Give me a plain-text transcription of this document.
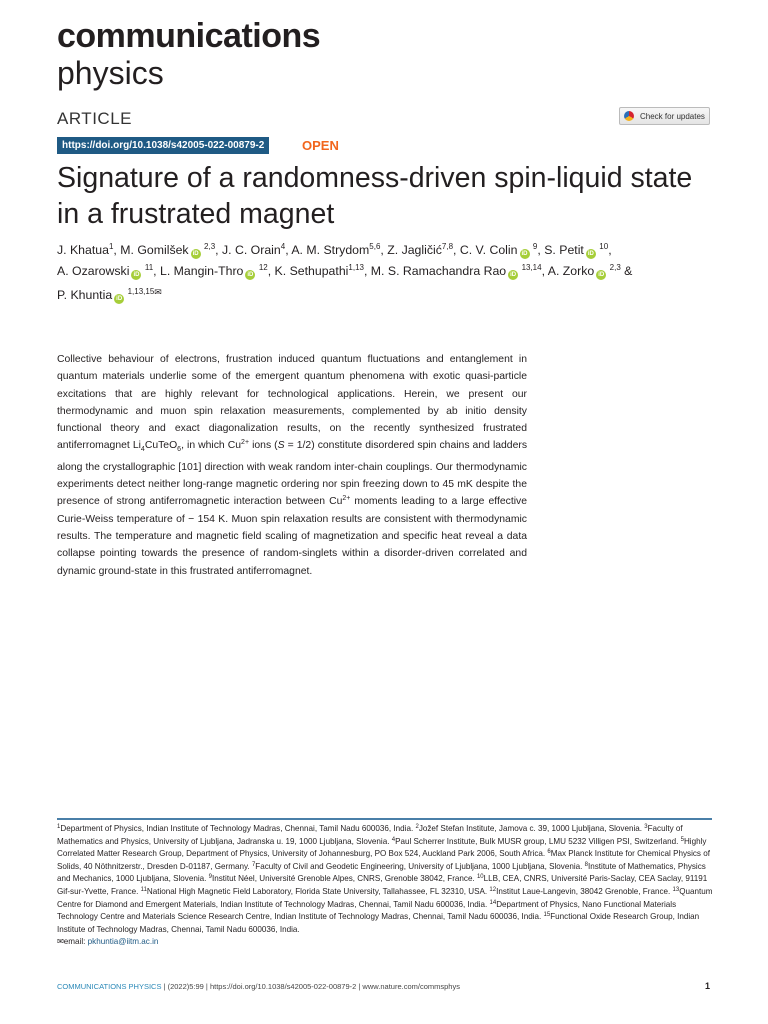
communications
physics
ARTICLE	Check for updates
https://doi.org/10.1038/s42005-022-00879-2	OPEN
Signature of a randomness-driven spin-liquid state
in a frustrated magnet
J. Khatua$^1$, M. Gomilšek iD $^{2,3}$, J. C. Orain$^4$, A. M. Strydom$^{5,6}$, Z. Jagličić$^{7,8}$, C. V. Colin iD $^9$, S. Petit iD $^{10}$,
A. Ozarowski iD $^{11}$, L. Mangin-Thro iD $^{12}$, K. Sethupathi$^{1,13}$, M. S. Ramachandra Rao iD $^{13,14}$, A. Zorko iD $^{2,3}$ &
P. Khuntia iD $^{1,13,15}$✉

Collective behaviour of electrons, frustration induced quantum fluctuations and entanglement in quantum materials underlie some of the emergent quantum phenomena with exotic quasi-particle excitations that are highly relevant for technological applications. Herein, we present our thermodynamic and muon spin relaxation measurements, complemented by ab initio density functional theory and exact diagonalization results, on the recently synthesized frustrated antiferromagnet $Li_4CuTeO_6$, in which $Cu^{2+}$ ions (S = 1/2) constitute disordered spin chains and ladders along the crystallographic [101] direction with weak random inter-chain couplings. Our thermodynamic experiments detect neither long-range magnetic ordering nor spin freezing down to 45 mK despite the presence of strong antiferromagnetic interaction between $Cu^{2+}$ moments leading to a large effective Curie-Weiss temperature of − 154 K. Muon spin relaxation results are consistent with thermodynamic results. The temperature and magnetic field scaling of magnetization and specific heat reveal a data collapse pointing towards the presence of random-singlets within a disorder-driven correlated and dynamic ground-state in this frustrated antiferromagnet.

$^1$Department of Physics, Indian Institute of Technology Madras, Chennai, Tamil Nadu 600036, India. $^2$Jožef Stefan Institute, Jamova c. 39, 1000 Ljubljana, Slovenia. $^3$Faculty of Mathematics and Physics, University of Ljubljana, Jadranska u. 19, 1000 Ljubljana, Slovenia. $^4$Paul Scherrer Institute, Bulk MUSR group, LMU 5232 Villigen PSI, Switzerland. $^5$Highly Correlated Matter Research Group, Department of Physics, University of Johannesburg, PO Box 524, Auckland Park 2006, South Africa. $^6$Max Planck Institute for Chemical Physics of Solids, 40 Nöthnitzerstr., Dresden D-01187, Germany. $^7$Faculty of Civil and Geodetic Engineering, University of Ljubljana, 1000 Ljubljana, Slovenia. $^8$Institute of Mathematics, Physics and Mechanics, 1000 Ljubljana, Slovenia. $^9$Institut Néel, Université Grenoble Alpes, CNRS, Grenoble 38042, France. $^{10}$LLB, CEA, CNRS, Université Paris-Saclay, CEA Saclay, 91191 Gif-sur-Yvette, France. $^{11}$National High Magnetic Field Laboratory, Florida State University, Tallahassee, FL 32310, USA. $^{12}$Institut Laue-Langevin, 38042 Grenoble, France. $^{13}$Quantum Centre for Diamond and Emergent Materials, Indian Institute of Technology Madras, Chennai, Tamil Nadu 600036, India. $^{14}$Department of Physics, Nano Functional Materials Technology Centre and Materials Science Research Centre, Indian Institute of Technology Madras, Chennai, Tamil Nadu 600036, India. $^{15}$Functional Oxide Research Group, Indian Institute of Technology Madras, Chennai, Tamil Nadu 600036, India.

✉email: pkhuntia@iitm.ac.in

COMMUNICATIONS PHYSICS | (2022)5:99 | https://doi.org/10.1038/s42005-022-00879-2 | www.nature.com/commsphys	1
